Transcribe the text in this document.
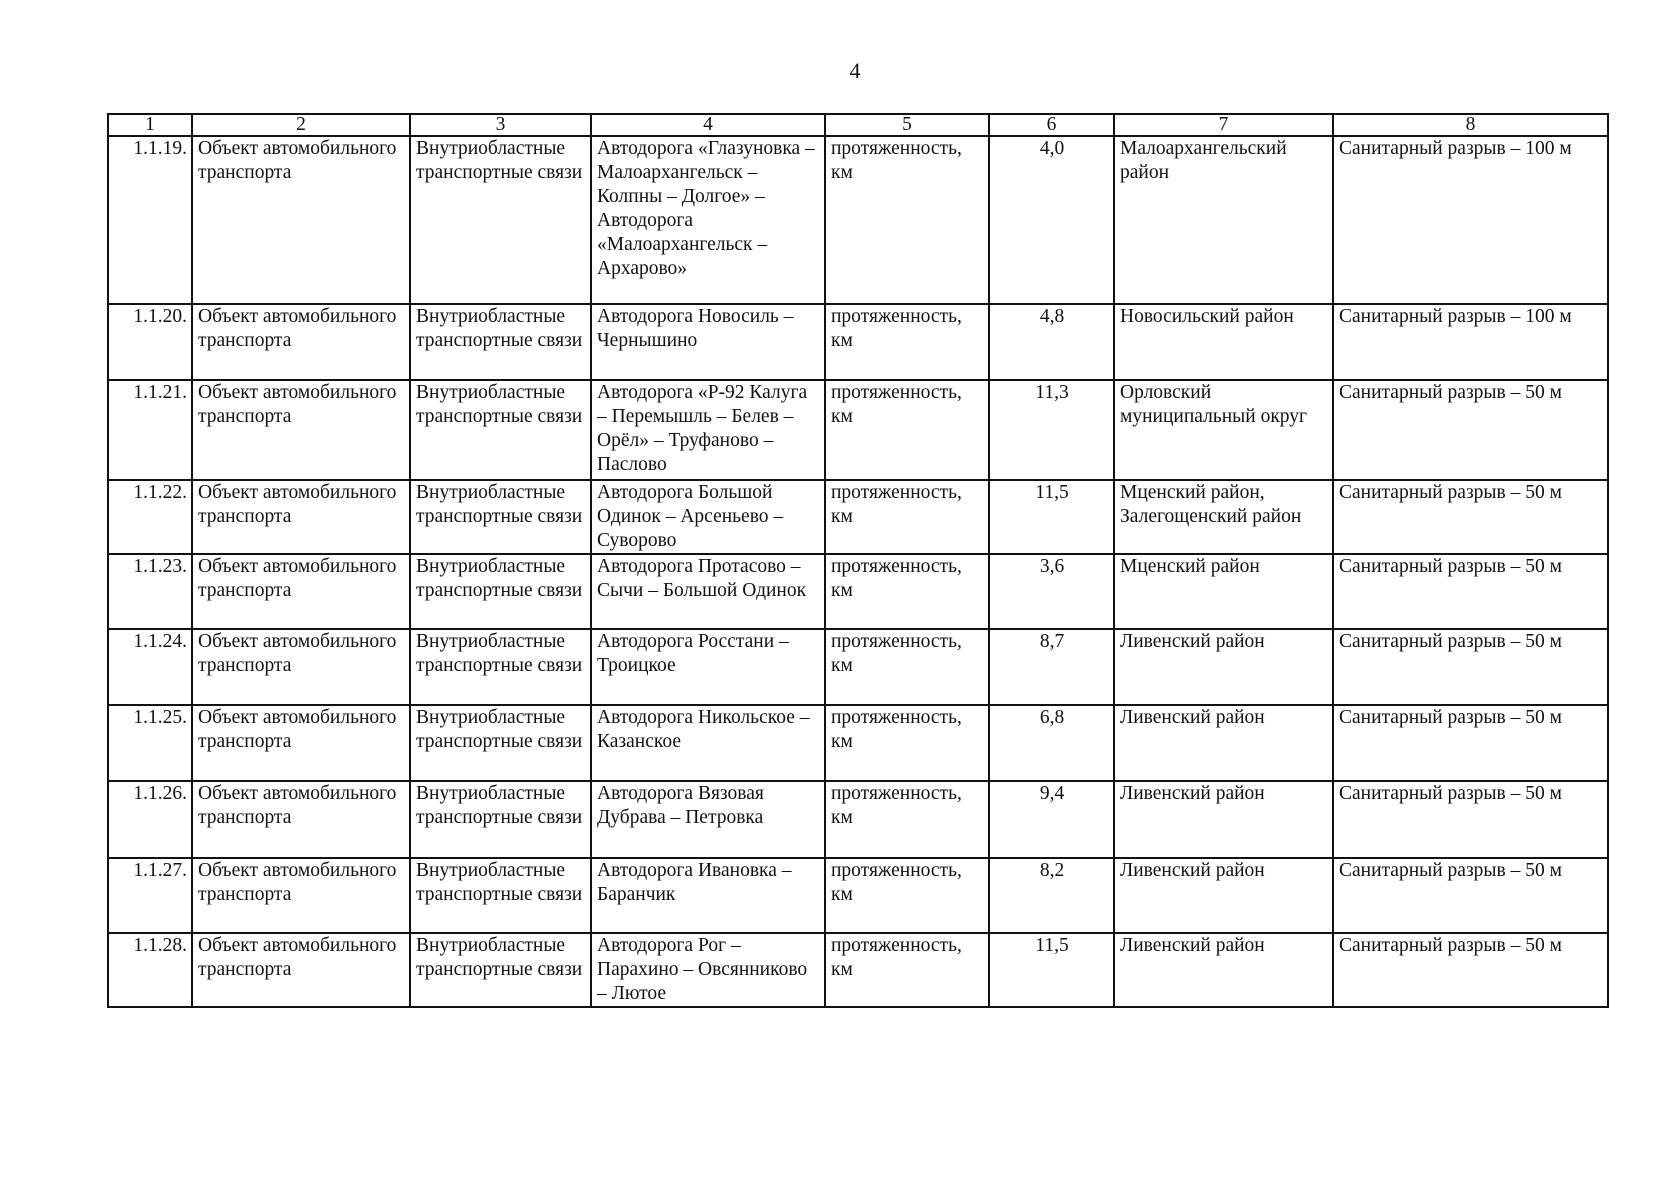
4
1	2	3	4	5	6	7	8
1.1.19.	Объект автомобильного транспорта	Внутриобластные транспортные связи	Автодорога «Глазуновка – Малоархангельск – Колпны – Долгое» – Автодорога «Малоархангельск – Архарово»	протяженность, км	4,0	Малоархангельский район	Санитарный разрыв – 100 м
1.1.20.	Объект автомобильного транспорта	Внутриобластные транспортные связи	Автодорога Новосиль – Чернышино	протяженность, км	4,8	Новосильский район	Санитарный разрыв – 100 м
1.1.21.	Объект автомобильного транспорта	Внутриобластные транспортные связи	Автодорога «Р-92 Калуга – Перемышль – Белев – Орёл» – Труфаново – Паслово	протяженность, км	11,3	Орловский муниципальный округ	Санитарный разрыв – 50 м
1.1.22.	Объект автомобильного транспорта	Внутриобластные транспортные связи	Автодорога Большой Одинок – Арсеньево – Суворово	протяженность, км	11,5	Мценский район, Залегощенский район	Санитарный разрыв – 50 м
1.1.23.	Объект автомобильного транспорта	Внутриобластные транспортные связи	Автодорога Протасово – Сычи – Большой Одинок	протяженность, км	3,6	Мценский район	Санитарный разрыв – 50 м
1.1.24.	Объект автомобильного транспорта	Внутриобластные транспортные связи	Автодорога Росстани – Троицкое	протяженность, км	8,7	Ливенский район	Санитарный разрыв – 50 м
1.1.25.	Объект автомобильного транспорта	Внутриобластные транспортные связи	Автодорога Никольское – Казанское	протяженность, км	6,8	Ливенский район	Санитарный разрыв – 50 м
1.1.26.	Объект автомобильного транспорта	Внутриобластные транспортные связи	Автодорога Вязовая Дубрава – Петровка	протяженность, км	9,4	Ливенский район	Санитарный разрыв – 50 м
1.1.27.	Объект автомобильного транспорта	Внутриобластные транспортные связи	Автодорога Ивановка – Баранчик	протяженность, км	8,2	Ливенский район	Санитарный разрыв – 50 м
1.1.28.	Объект автомобильного транспорта	Внутриобластные транспортные связи	Автодорога Рог – Парахино – Овсянниково – Лютое	протяженность, км	11,5	Ливенский район	Санитарный разрыв – 50 м
